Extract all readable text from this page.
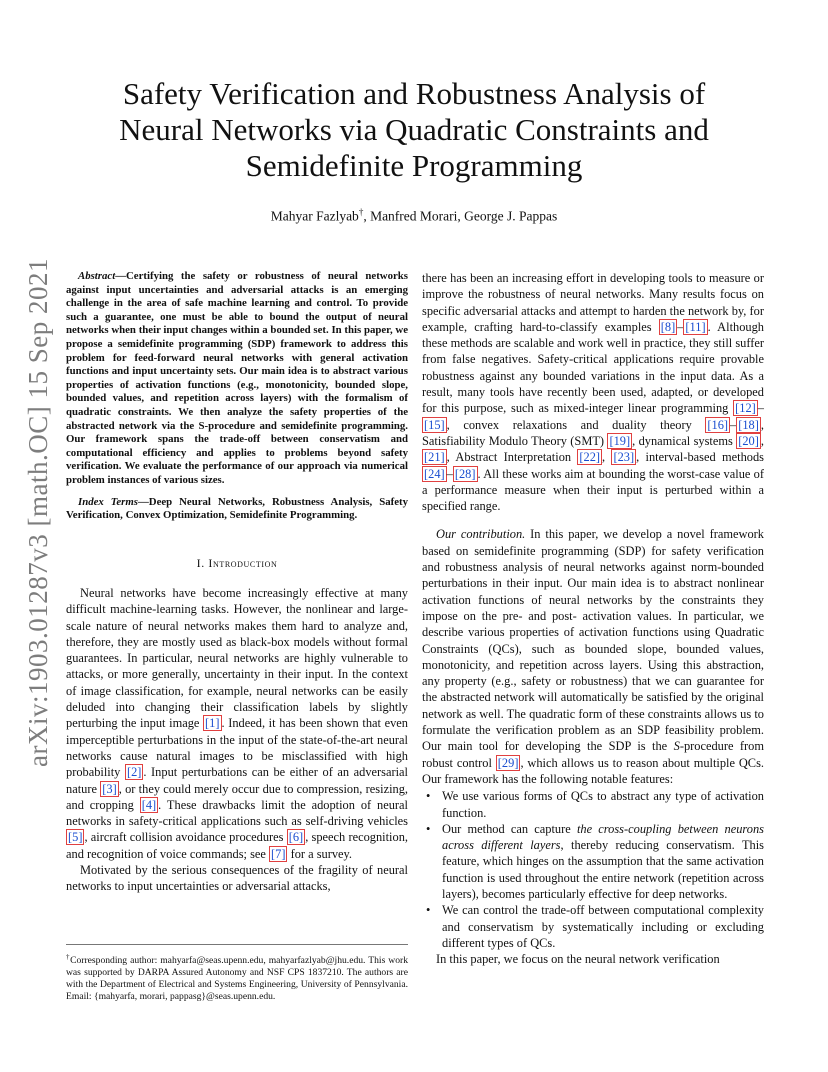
arXiv:1903.01287v3 [math.OC] 15 Sep 2021
Safety Verification and Robustness Analysis of
Neural Networks via Quadratic Constraints and
Semidefinite Programming
Mahyar Fazlyab†, Manfred Morari, George J. Pappas

Abstract—Certifying the safety or robustness of neural networks against input uncertainties and adversarial attacks is an emerging challenge in the area of safe machine learning and control. To provide such a guarantee, one must be able to bound the output of neural networks when their input changes within a bounded set. In this paper, we propose a semidefinite programming (SDP) framework to address this problem for feed-forward neural networks with general activation functions and input uncertainty sets. Our main idea is to abstract various properties of activation functions (e.g., monotonicity, bounded slope, bounded values, and repetition across layers) with the formalism of quadratic constraints. We then analyze the safety properties of the abstracted network via the S-procedure and semidefinite programming. Our framework spans the trade-off between conservatism and computational efficiency and applies to problems beyond safety verification. We evaluate the performance of our approach via numerical problem instances of various sizes.

Index Terms—Deep Neural Networks, Robustness Analysis, Safety Verification, Convex Optimization, Semidefinite Programming.

I. Introduction

Neural networks have become increasingly effective at many difficult machine-learning tasks. However, the nonlinear and large-scale nature of neural networks makes them hard to analyze and, therefore, they are mostly used as black-box models without formal guarantees. In particular, neural networks are highly vulnerable to attacks, or more generally, uncertainty in their input. In the context of image classification, for example, neural networks can be easily deluded into changing their classification labels by slightly perturbing the input image [1] . Indeed, it has been shown that even imperceptible perturbations in the input of the state-of-the-art neural networks cause natural images to be misclassified with high probability [2] . Input perturbations can be either of an adversarial nature [3] , or they could merely occur due to compression, resizing, and cropping [4] . These drawbacks limit the adoption of neural networks in safety-critical applications such as self-driving vehicles [5] , aircraft collision avoidance procedures [6] , speech recognition, and recognition of voice commands; see [7] for a survey.

Motivated by the serious consequences of the fragility of neural networks to input uncertainties or adversarial attacks,

†Corresponding author: mahyarfa@seas.upenn.edu, mahyarfazlyab@jhu.edu. This work was supported by DARPA Assured Autonomy and NSF CPS 1837210. The authors are with the Department of Electrical and Systems Engineering, University of Pennsylvania. Email: {mahyarfa, morari, pappasg}@seas.upenn.edu.

there has been an increasing effort in developing tools to measure or improve the robustness of neural networks. Many results focus on specific adversarial attacks and attempt to harden the network by, for example, crafting hard-to-classify examples [8] – [11] . Although these methods are scalable and work well in practice, they still suffer from false negatives. Safety-critical applications require provable robustness against any bounded variations in the input data. As a result, many tools have recently been used, adapted, or developed for this purpose, such as mixed-integer linear programming [12] –[15] , convex relaxations and duality theory [16] – [18] , Satisfiability Modulo Theory (SMT) [19] , dynamical systems [20] , [21] , Abstract Interpretation [22] , [23] , interval-based methods [24] – [28] . All these works aim at bounding the worst-case value of a performance measure when their input is perturbed within a specified range.

Our contribution. In this paper, we develop a novel framework based on semidefinite programming (SDP) for safety verification and robustness analysis of neural networks against norm-bounded perturbations in their input. Our main idea is to abstract nonlinear activation functions of neural networks by the constraints they impose on the pre- and post- activation values. In particular, we describe various properties of activation functions using Quadratic Constraints (QCs), such as bounded slope, bounded values, monotonicity, and repetition across layers. Using this abstraction, any property (e.g., safety or robustness) that we can guarantee for the abstracted network will automatically be satisfied by the original network as well. The quadratic form of these constraints allows us to formulate the verification problem as an SDP feasibility problem. Our main tool for developing the SDP is the S-procedure from robust control [29] , which allows us to reason about multiple QCs. Our framework has the following notable features:

• We use various forms of QCs to abstract any type of activation function.
• Our method can capture the cross-coupling between neurons across different layers, thereby reducing conservatism. This feature, which hinges on the assumption that the same activation function is used throughout the entire network (repetition across layers), becomes particularly effective for deep networks.
• We can control the trade-off between computational complexity and conservatism by systematically including or excluding different types of QCs.

In this paper, we focus on the neural network verification
